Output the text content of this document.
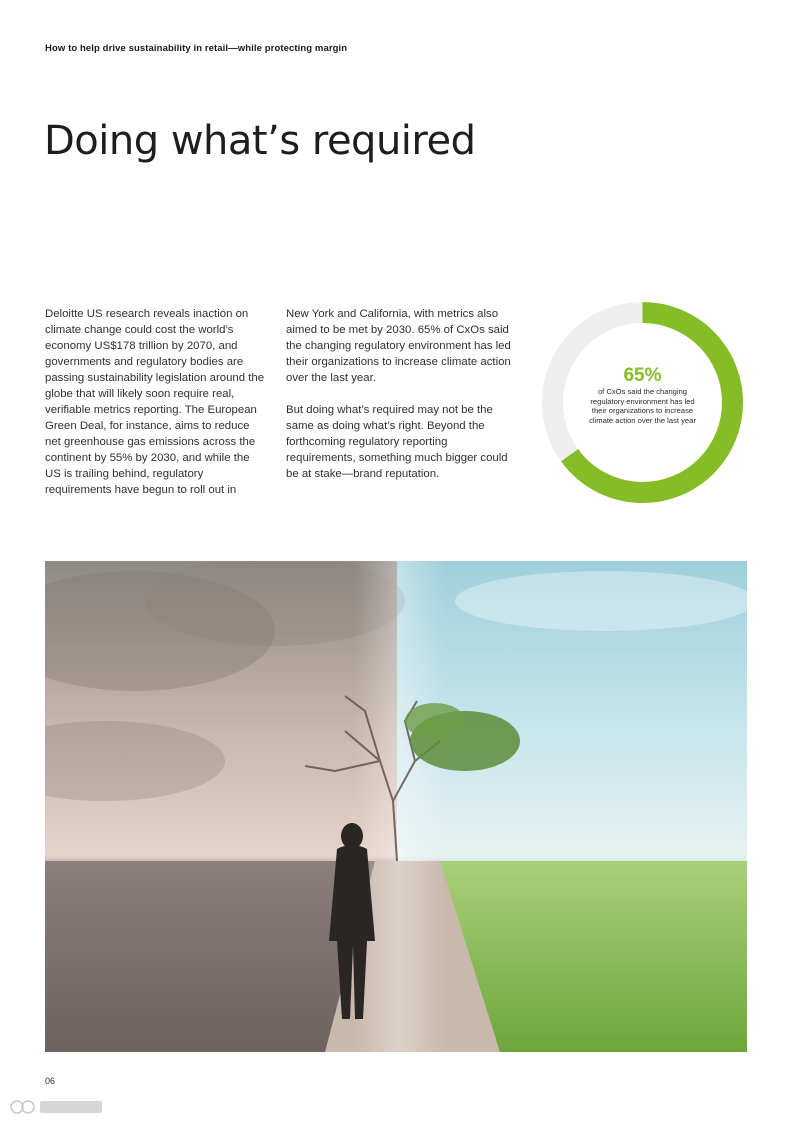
How to help drive sustainability in retail—while protecting margin
Doing what’s required

Deloitte US research reveals inaction on climate change could cost the world’s economy US$178 trillion by 2070, and governments and regulatory bodies are passing sustainability legislation around the globe that will likely soon require real, verifiable metrics reporting. The European Green Deal, for instance, aims to reduce net greenhouse gas emissions across the continent by 55% by 2030, and while the US is trailing behind, regulatory requirements have begun to roll out in

New York and California, with metrics also aimed to be met by 2030. 65% of CxOs said the changing regulatory environment has led their organizations to increase climate action over the last year.

But doing what’s required may not be the same as doing what’s right. Beyond the forthcoming regulatory reporting requirements, something much bigger could be at stake—brand reputation.

65%
of CxOs said the changing regulatory environment has led their organizations to increase climate action over the last year
06
